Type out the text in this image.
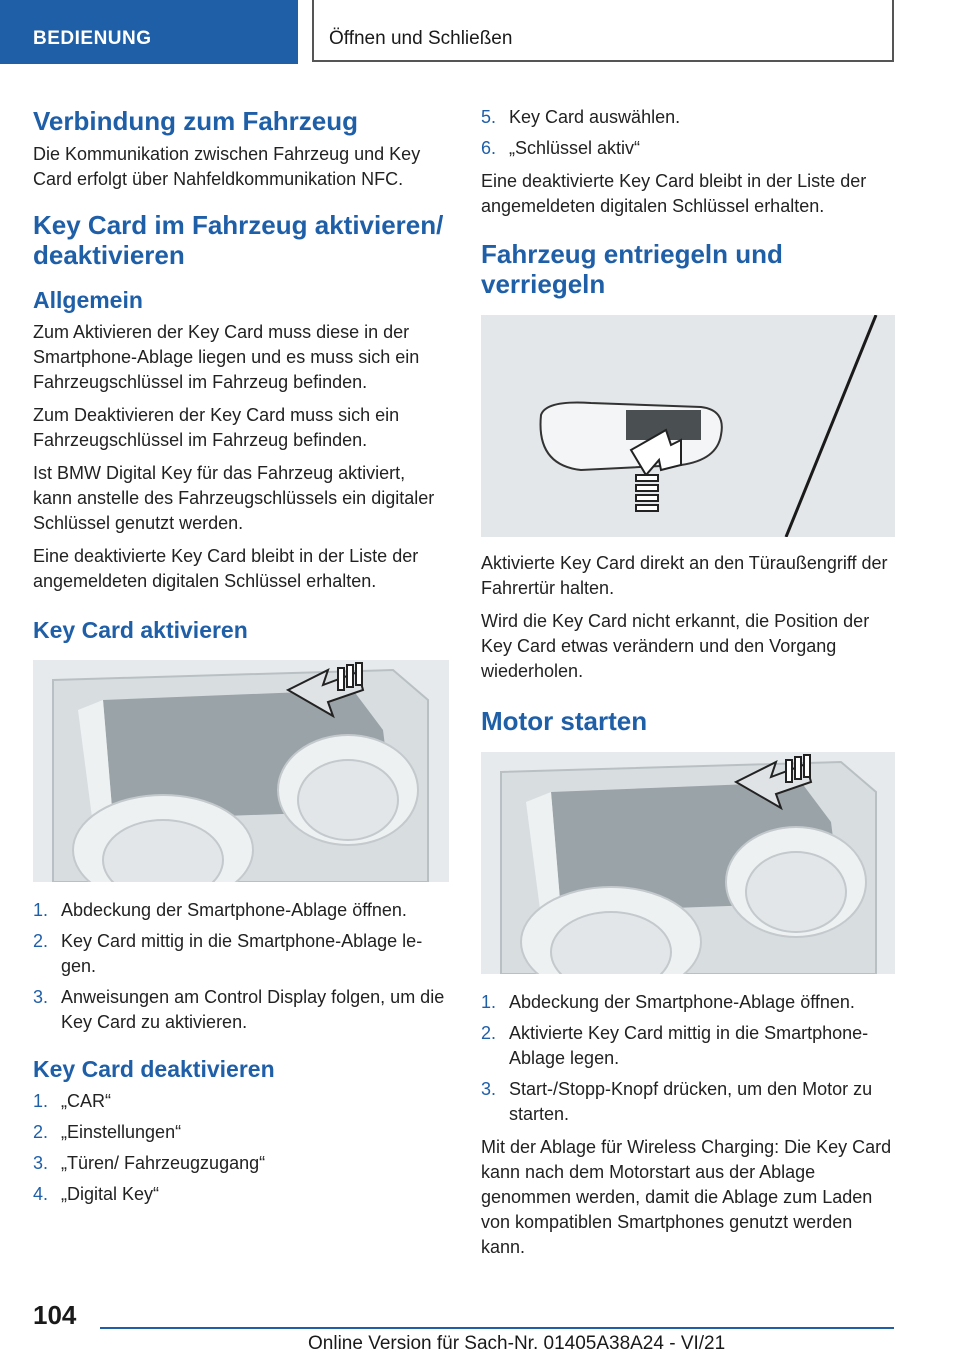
BEDIENUNG	Öffnen und Schließen
Verbindung zum Fahrzeug

Die Kommunikation zwischen Fahrzeug und Key Card erfolgt über Nahfeldkommunikation NFC.

Key Card im Fahrzeug aktivieren/ deaktivieren
Allgemein

Zum Aktivieren der Key Card muss diese in der Smartphone-Ablage liegen und es muss sich ein Fahrzeugschlüssel im Fahrzeug befinden.

Zum Deaktivieren der Key Card muss sich ein Fahrzeugschlüssel im Fahrzeug befinden.

Ist BMW Digital Key für das Fahrzeug aktiviert, kann anstelle des Fahrzeugschlüssels ein digitaler Schlüssel genutzt werden.

Eine deaktivierte Key Card bleibt in der Liste der angemeldeten digitalen Schlüssel erhalten.

Key Card aktivieren
1. Abdeckung der Smartphone-Ablage öffnen.
2. Key Card mittig in die Smartphone-Ablage legen.
3. Anweisungen am Control Display folgen, um die Key Card zu aktivieren.
Key Card deaktivieren
1. „CAR“
2. „Einstellungen“
3. „Türen/ Fahrzeugzugang“
4. „Digital Key“
5. Key Card auswählen.
6. „Schlüssel aktiv“

Eine deaktivierte Key Card bleibt in der Liste der angemeldeten digitalen Schlüssel erhalten.

Fahrzeug entriegeln und verriegeln

Aktivierte Key Card direkt an den Türaußengriff der Fahrertür halten.

Wird die Key Card nicht erkannt, die Position der Key Card etwas verändern und den Vorgang wiederholen.

Motor starten
1. Abdeckung der Smartphone-Ablage öffnen.
2. Aktivierte Key Card mittig in die Smartphone-Ablage legen.
3. Start-/Stopp-Knopf drücken, um den Motor zu starten.

Mit der Ablage für Wireless Charging: Die Key Card kann nach dem Motorstart aus der Ablage genommen werden, damit die Ablage zum Laden von kompatiblen Smartphones genutzt werden kann.

104
Online Version für Sach-Nr. 01405A38A24 - VI/21
